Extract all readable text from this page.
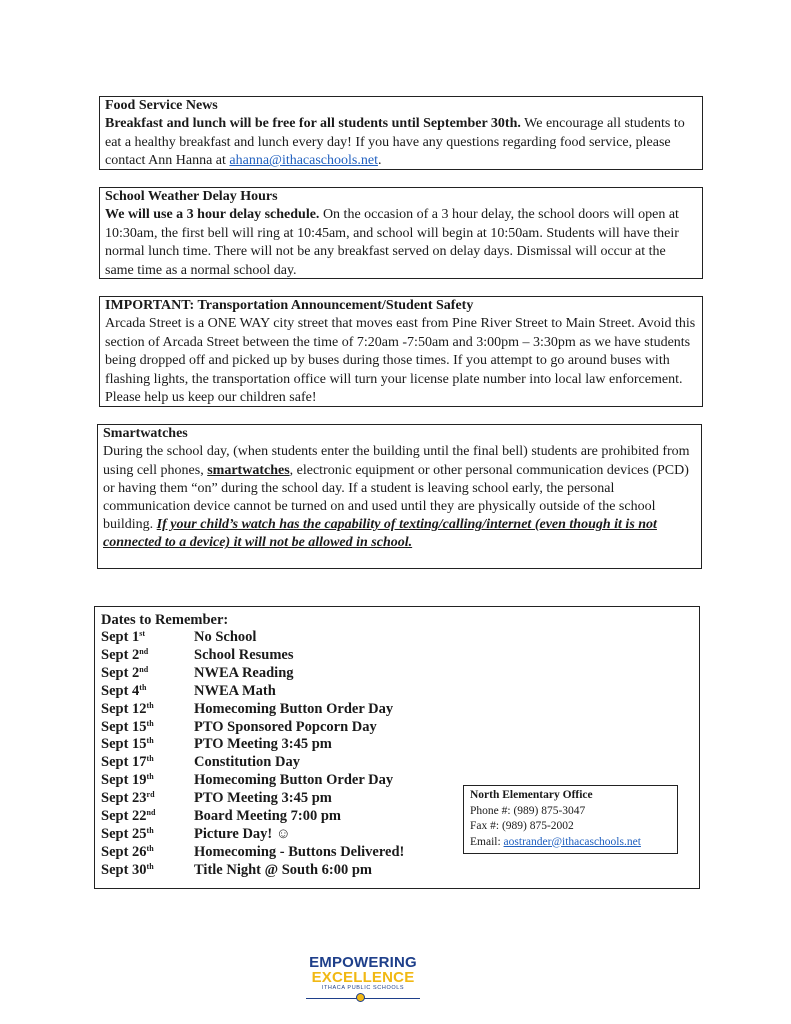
Food Service News
Breakfast and lunch will be free for all students until September 30th. We encourage all students to eat a healthy breakfast and lunch every day! If you have any questions regarding food service, please contact Ann Hanna at ahanna@ithacaschools.net.
School Weather Delay Hours
We will use a 3 hour delay schedule. On the occasion of a 3 hour delay, the school doors will open at 10:30am, the first bell will ring at 10:45am, and school will begin at 10:50am. Students will have their normal lunch time. There will not be any breakfast served on delay days. Dismissal will occur at the same time as a normal school day.
IMPORTANT: Transportation Announcement/Student Safety
Arcada Street is a ONE WAY city street that moves east from Pine River Street to Main Street. Avoid this section of Arcada Street between the time of 7:20am -7:50am and 3:00pm – 3:30pm as we have students being dropped off and picked up by buses during those times. If you attempt to go around buses with flashing lights, the transportation office will turn your license plate number into local law enforcement. Please help us keep our children safe!
Smartwatches
During the school day, (when students enter the building until the final bell) students are prohibited from using cell phones, smartwatches, electronic equipment or other personal communication devices (PCD) or having them “on” during the school day. If a student is leaving school early, the personal communication device cannot be turned on and used until they are physically outside of the school building. If your child’s watch has the capability of texting/calling/internet (even though it is not connected to a device) it will not be allowed in school.
Dates to Remember:
Sept 1st	No School
Sept 2nd	School Resumes
Sept 2nd	NWEA Reading
Sept 4th	NWEA Math
Sept 12th	Homecoming Button Order Day
Sept 15th	PTO Sponsored Popcorn Day
Sept 15th	PTO Meeting 3:45 pm
Sept 17th	Constitution Day
Sept 19th	Homecoming Button Order Day
Sept 23rd	PTO Meeting 3:45 pm
Sept 22nd	Board Meeting 7:00 pm
Sept 25th	Picture Day! ☺
Sept 26th	Homecoming - Buttons Delivered!
Sept 30th	Title Night @ South 6:00 pm
North Elementary Office
Phone #: (989) 875-3047
Fax #: (989) 875-2002
Email: aostrander@ithacaschools.net
EMPOWERING
EXCELLENCE
ITHACA PUBLIC SCHOOLS
